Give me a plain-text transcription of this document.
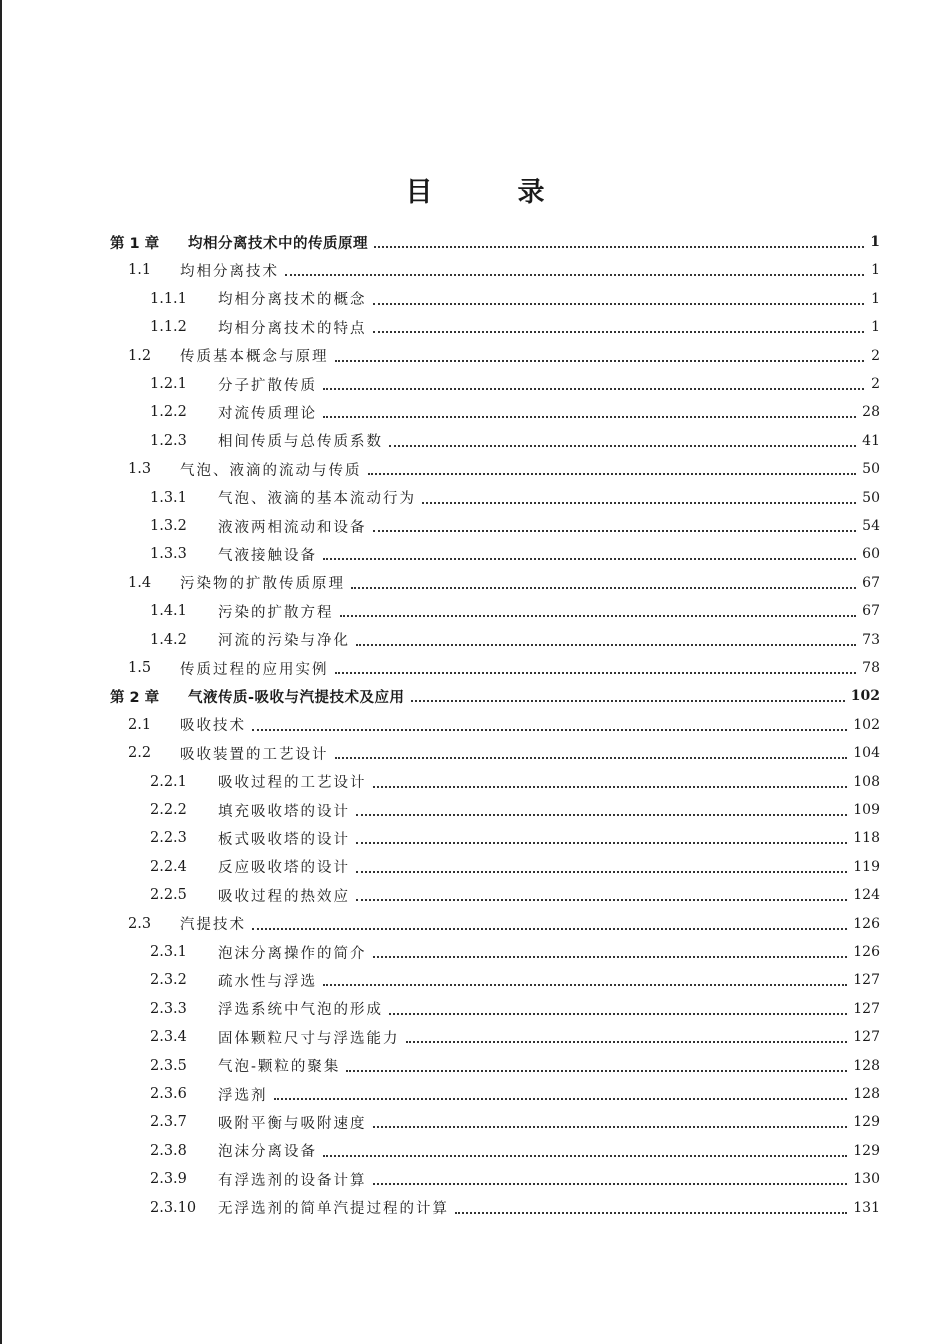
目	录
第 1 章	均相分离技术中的传质原理	1
1.1	均相分离技术	1
1.1.1	均相分离技术的概念	1
1.1.2	均相分离技术的特点	1
1.2	传质基本概念与原理	2
1.2.1	分子扩散传质	2
1.2.2	对流传质理论	28
1.2.3	相间传质与总传质系数	41
1.3	气泡、液滴的流动与传质	50
1.3.1	气泡、液滴的基本流动行为	50
1.3.2	液液两相流动和设备	54
1.3.3	气液接触设备	60
1.4	污染物的扩散传质原理	67
1.4.1	污染的扩散方程	67
1.4.2	河流的污染与净化	73
1.5	传质过程的应用实例	78
第 2 章	气液传质-吸收与汽提技术及应用	102
2.1	吸收技术	102
2.2	吸收装置的工艺设计	104
2.2.1	吸收过程的工艺设计	108
2.2.2	填充吸收塔的设计	109
2.2.3	板式吸收塔的设计	118
2.2.4	反应吸收塔的设计	119
2.2.5	吸收过程的热效应	124
2.3	汽提技术	126
2.3.1	泡沫分离操作的简介	126
2.3.2	疏水性与浮选	127
2.3.3	浮选系统中气泡的形成	127
2.3.4	固体颗粒尺寸与浮选能力	127
2.3.5	气泡-颗粒的聚集	128
2.3.6	浮选剂	128
2.3.7	吸附平衡与吸附速度	129
2.3.8	泡沫分离设备	129
2.3.9	有浮选剂的设备计算	130
2.3.10	无浮选剂的简单汽提过程的计算	131
